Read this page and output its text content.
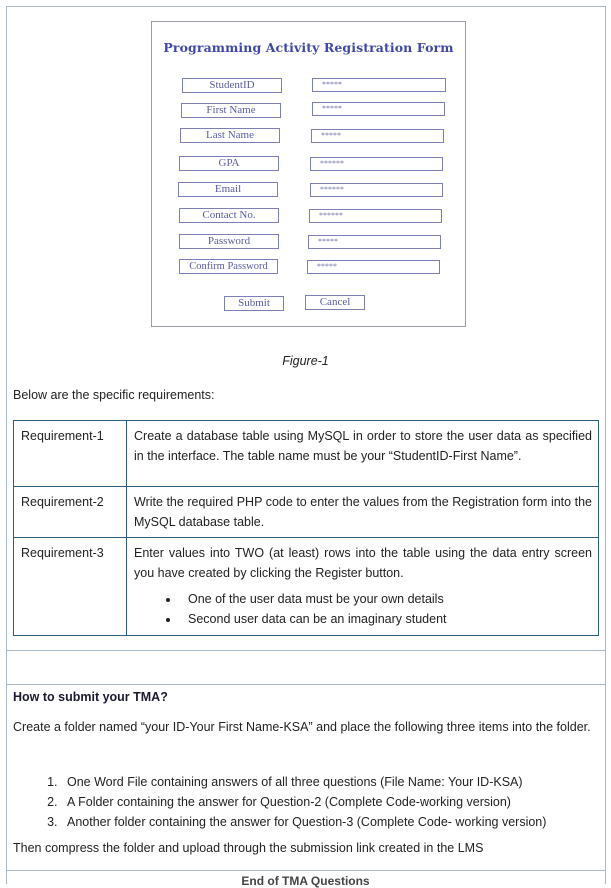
Programming Activity Registration Form
StudentID	*****
First Name	*****
Last Name	*****
GPA	******
Email	******
Contact No.	******
Password	*****
Confirm Password	*****
Submit	Cancel
Figure-1
Below are the specific requirements:
Requirement-1	Create a database table using MySQL in order to store the user data as specified in the interface. The table name must be your “StudentID-First Name”.
Requirement-2	Write the required PHP code to enter the values from the Registration form into the MySQL database table.
Requirement-3	Enter values into TWO (at least) rows into the table using the data entry screen you have created by clicking the Register button.
• One of the user data must be your own details
• Second user data can be an imaginary student
How to submit your TMA?
Create a folder named “your ID-Your First Name-KSA” and place the following three items into the folder.
1. One Word File containing answers of all three questions (File Name: Your ID-KSA)
2. A Folder containing the answer for Question-2 (Complete Code-working version)
3. Another folder containing the answer for Question-3 (Complete Code- working version)
Then compress the folder and upload through the submission link created in the LMS
End of TMA Questions
